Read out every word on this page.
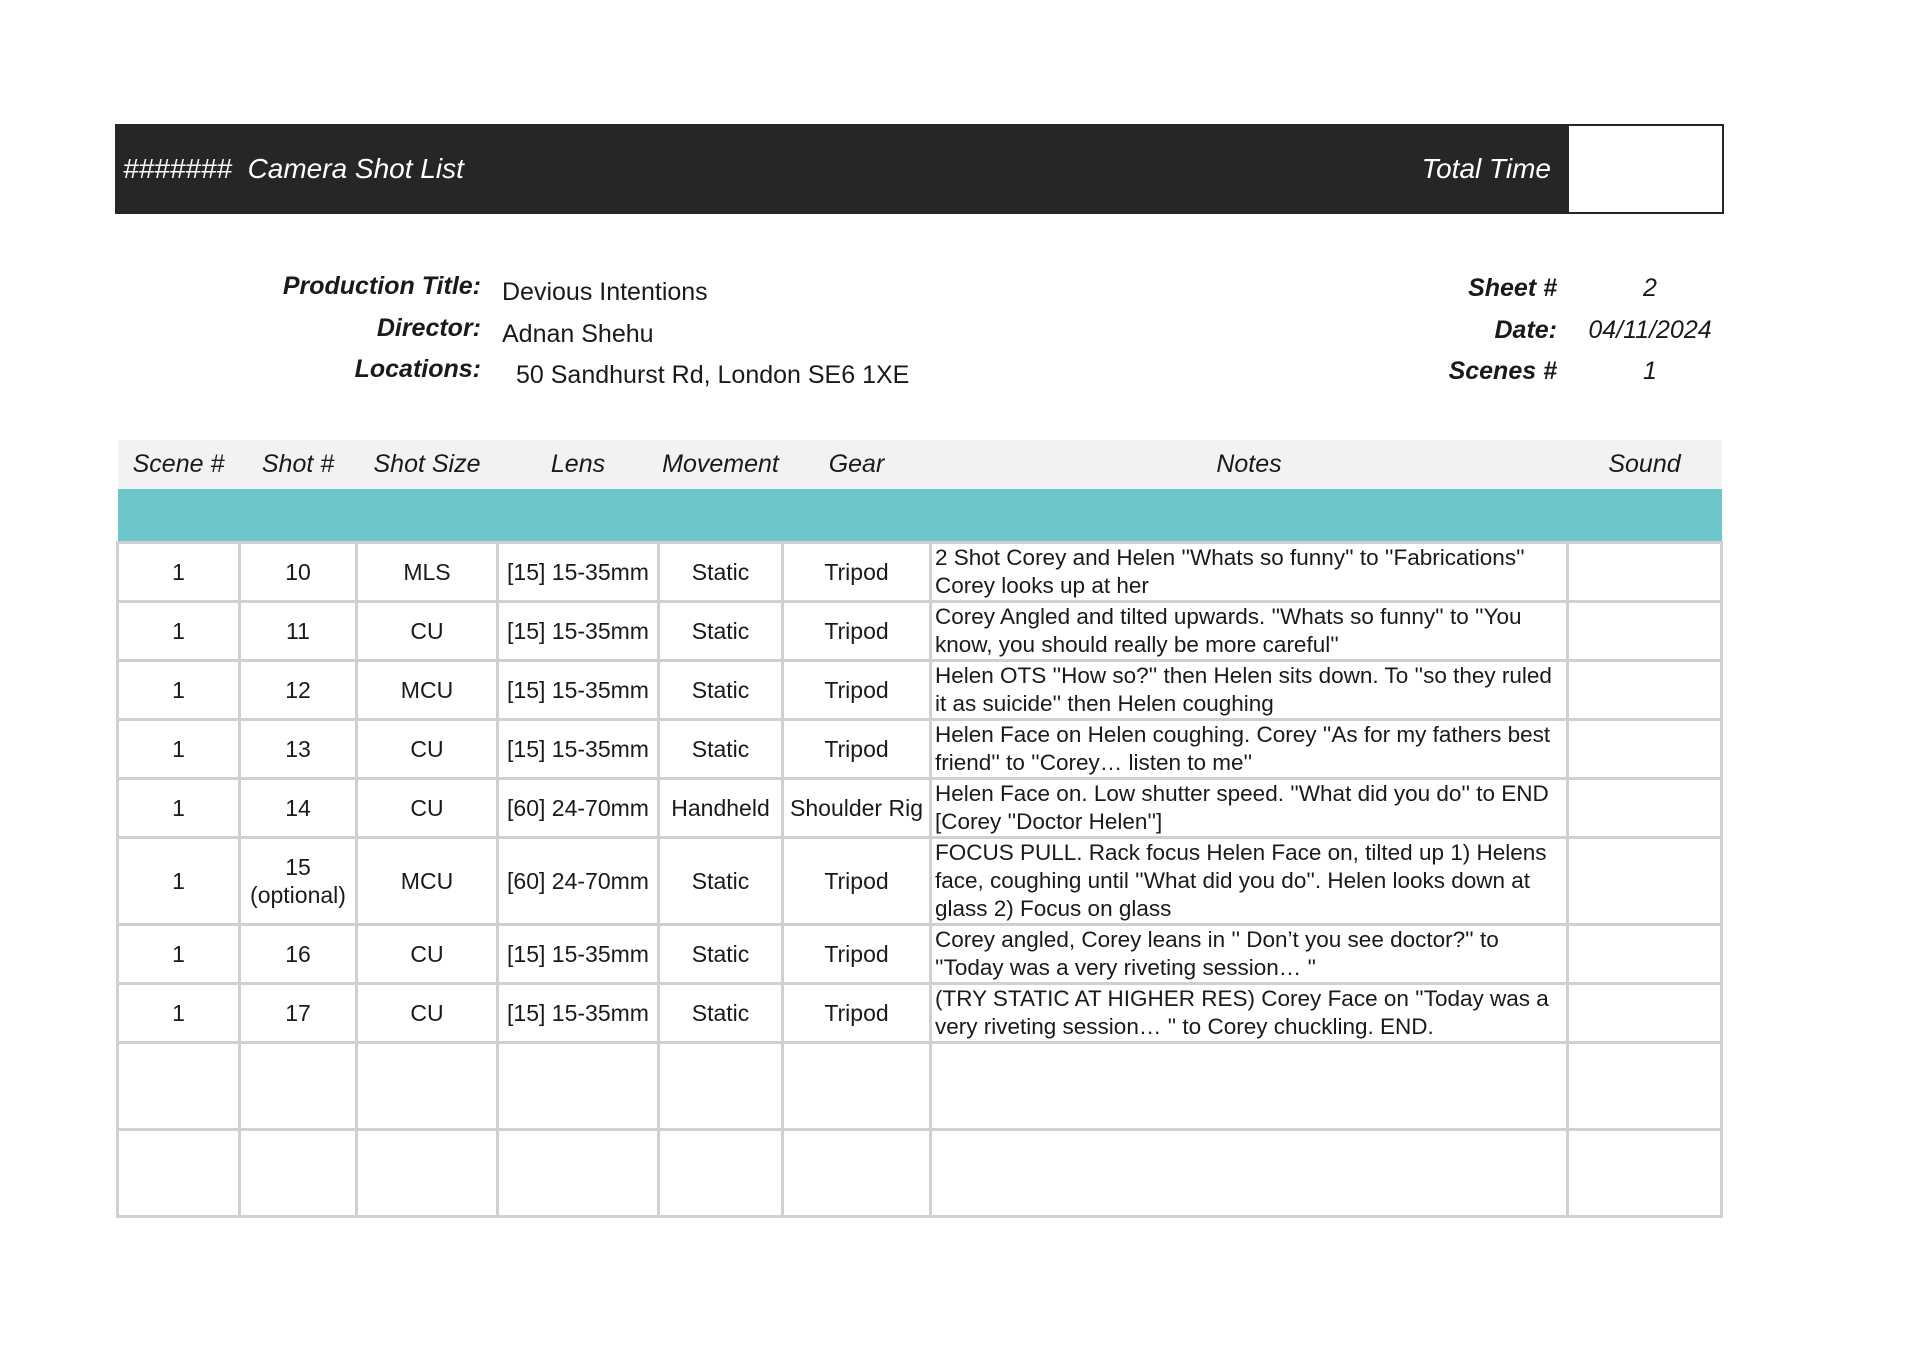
#######  Camera Shot List	Total Time
Production Title: Devious Intentions
Director: Adnan Shehu
Locations: 50 Sandhurst Rd, London SE6 1XE
Sheet #	2
Date:	04/11/2024
Scenes #	1
Scene #	Shot #	Shot Size	Lens	Movement	Gear	Notes	Sound

1	10	MLS	[15] 15-35mm	Static	Tripod	2 Shot Corey and Helen ''Whats so funny'' to ''Fabrications'' Corey looks up at her	
1	11	CU	[15] 15-35mm	Static	Tripod	Corey Angled and tilted upwards. ''Whats so funny'' to ''You know, you should really be more careful''	
1	12	MCU	[15] 15-35mm	Static	Tripod	Helen OTS ''How so?'' then Helen sits down. To ''so they ruled it as suicide'' then Helen coughing	
1	13	CU	[15] 15-35mm	Static	Tripod	Helen Face on Helen coughing. Corey ''As for my fathers best friend'' to ''Corey… listen to me''	
1	14	CU	[60] 24-70mm	Handheld	Shoulder Rig	Helen Face on. Low shutter speed. ''What did you do'' to END [Corey ''Doctor Helen'']	
1	15 (optional)	MCU	[60] 24-70mm	Static	Tripod	FOCUS PULL. Rack focus Helen Face on, tilted up 1) Helens face, coughing until ''What did you do''. Helen looks down at glass 2) Focus on glass	
1	16	CU	[15] 15-35mm	Static	Tripod	Corey angled, Corey leans in '' Don’t you see doctor?'' to ''Today was a very riveting session… ''	
1	17	CU	[15] 15-35mm	Static	Tripod	(TRY STATIC AT HIGHER RES) Corey Face on ''Today was a very riveting session… '' to Corey chuckling. END.	
